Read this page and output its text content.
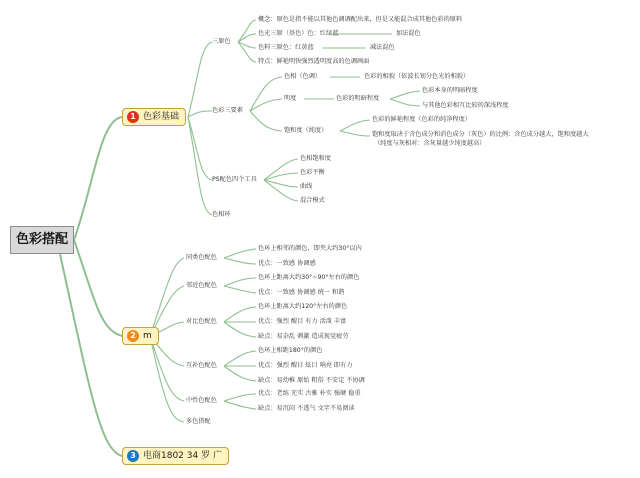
色彩搭配
1 色彩基础
2 m
3 电商1802 34 罗 广
三原色
概念：原色是指不能以其他色调调配出来，但是又能混合成其他色彩的原料
色光三原（基色）色：红绿蓝	加法混色
色料三原色：红黄蓝	减法混色
特点：鲜艳明快强烈透明度高的色调画面
色彩三要素
色相（色调）	色彩的相貌（依波长划分色光的相貌）
明度	色彩的明暗程度
色彩本身的明暗程度
与其他色彩相互比较的深浅程度
饱和度（纯度）
色彩的鲜艳程度（色彩的纯净程度）
饱和度取决于含色成分和消色成分（灰色）的比例：含色成分越大，饱和度越大
（纯度与灰相对：含灰量越少纯度越高）
PS配色四个工具
色相饱和度
色彩平衡
曲线
混合模式
色相环
同类色配色
色环上相邻的颜色，即夹大约30°以内
优点：一致感 协调感
邻近色配色
色环上距离大约30°~90°左右的颜色
优点：一致感 协调感 统一 和谐
对比色配色
色环上距离大约120°左右的颜色
优点：强烈 醒目 有力 活泼 丰富
缺点：易杂乱 刺激 造成视觉疲劳
互补色配色
色环上相距180°的颜色
优点：强烈 醒目 炫目 响亮 即有力
缺点：易幼稚 原始 粗俗 不安定 不协调
中性色配色
优点：老练 充实 古雅 朴实 强硬 稳重
缺点：易沉闷 不透气 文字不易阅读
多色搭配
